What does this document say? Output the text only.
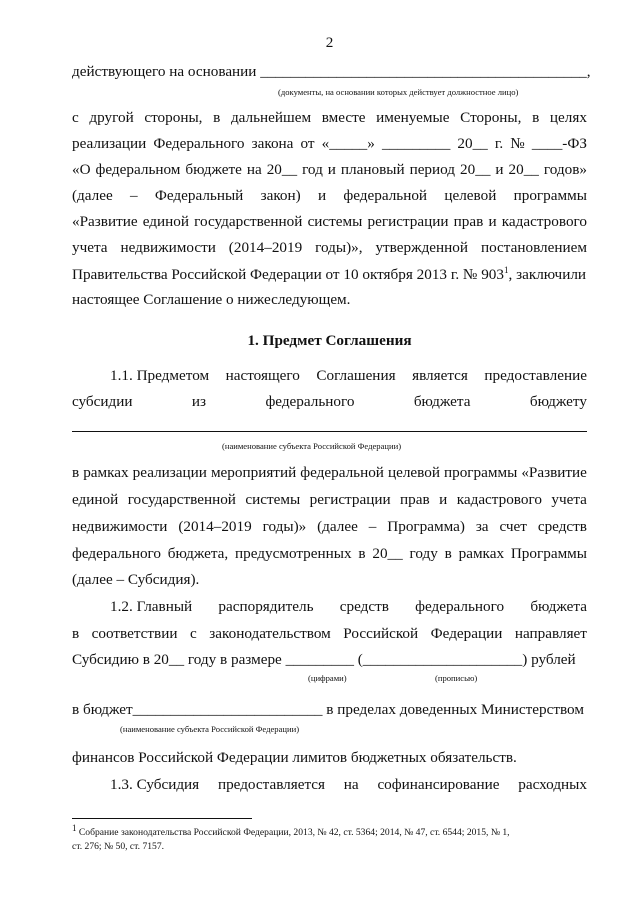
2
действующего на основании ___________________________________________,
(документы, на основании которых действует должностное лицо)
с другой стороны, в дальнейшем вместе именуемые Стороны, в целях
реализации Федерального закона от «_____» _________ 20__ г. № ____-ФЗ
«О федеральном бюджете на 20__ год и плановый период 20__ и 20__ годов»
(далее – Федеральный закон) и федеральной целевой программы
«Развитие единой государственной системы регистрации прав и кадастрового
учета недвижимости (2014–2019 годы)», утвержденной постановлением
Правительства Российской Федерации от 10 октября 2013 г. № $903^1$, заключили
настоящее Соглашение о нижеследующем.
1. Предмет Соглашения
1.1. Предметом настоящего Соглашения является предоставление
субсидии	из	федерального	бюджета	бюджету
(наименование субъекта Российской Федерации)
в рамках реализации мероприятий федеральной целевой программы «Развитие
единой государственной системы регистрации прав и кадастрового учета
недвижимости (2014–2019 годы)» (далее – Программа) за счет средств
федерального бюджета, предусмотренных в 20__ году в рамках Программы
(далее – Субсидия).
1.2. Главный распорядитель средств федерального бюджета
в соответствии с законодательством Российской Федерации направляет
Субсидию в 20__ году в размере _________ (_____________________) рублей
(цифрами)	(прописью)
в бюджет_________________________ в пределах доведенных Министерством
(наименование субъекта Российской Федерации)
финансов Российской Федерации лимитов бюджетных обязательств.
1.3. Субсидия предоставляется на софинансирование расходных
$^1$ Собрание законодательства Российской Федерации, 2013, № 42, ст. 5364; 2014, № 47, ст. 6544; 2015, № 1,
ст. 276; № 50, ст. 7157.
